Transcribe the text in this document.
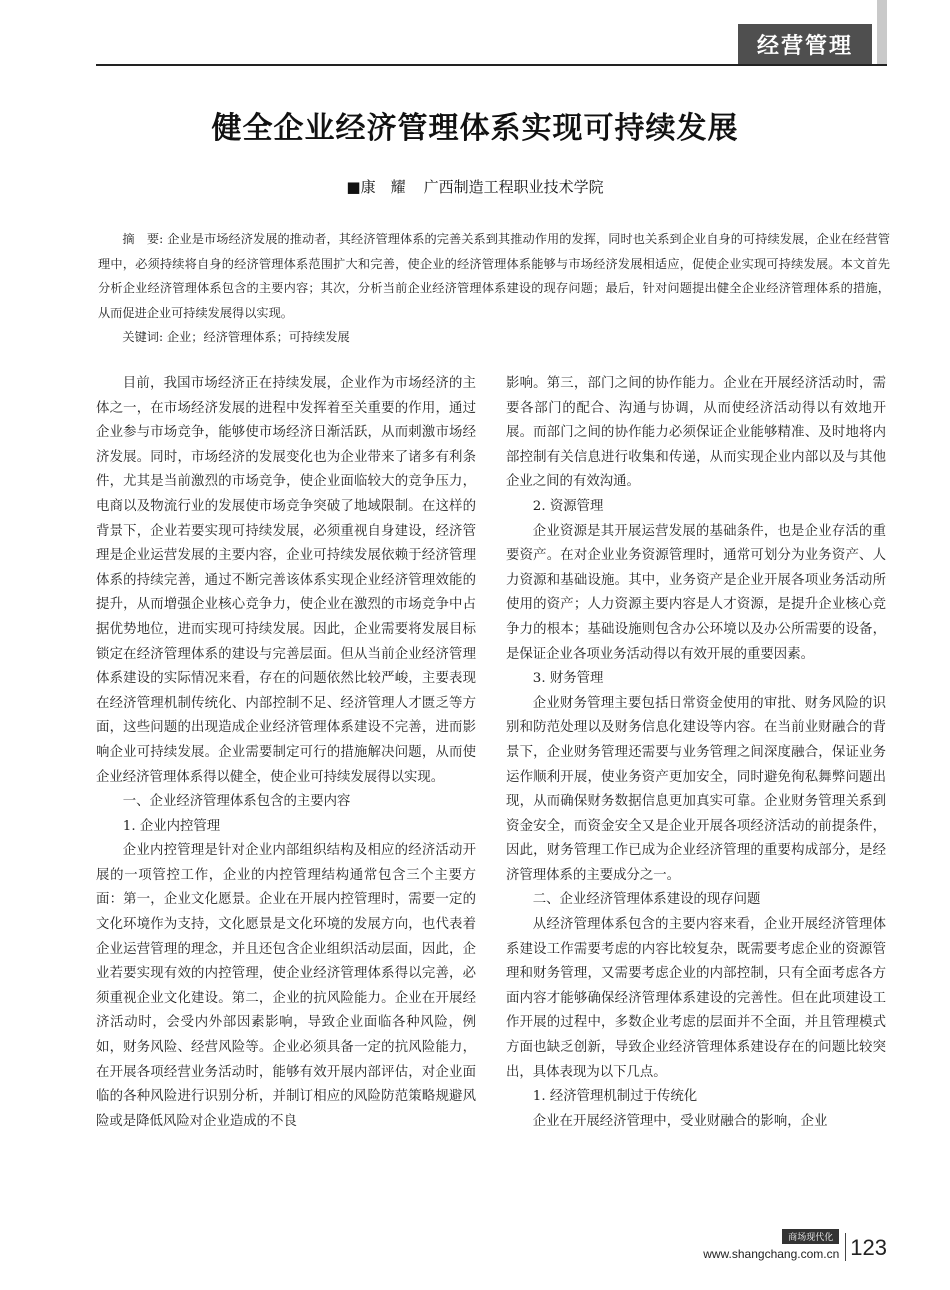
经营管理
健全企业经济管理体系实现可持续发展
■康　耀 广西制造工程职业技术学院

摘　要: 企业是市场经济发展的推动者，其经济管理体系的完善关系到其推动作用的发挥，同时也关系到企业自身的可持续发展，企业在经营管理中，必须持续将自身的经济管理体系范围扩大和完善，使企业的经济管理体系能够与市场经济发展相适应，促使企业实现可持续发展。本文首先分析企业经济管理体系包含的主要内容；其次，分析当前企业经济管理体系建设的现存问题；最后，针对问题提出健全企业经济管理体系的措施，从而促进企业可持续发展得以实现。

关键词: 企业；经济管理体系；可持续发展

目前，我国市场经济正在持续发展，企业作为市场经济的主体之一，在市场经济发展的进程中发挥着至关重要的作用，通过企业参与市场竞争，能够使市场经济日渐活跃，从而刺激市场经济发展。同时，市场经济的发展变化也为企业带来了诸多有利条件，尤其是当前激烈的市场竞争，使企业面临较大的竞争压力，电商以及物流行业的发展使市场竞争突破了地域限制。在这样的背景下，企业若要实现可持续发展，必须重视自身建设，经济管理是企业运营发展的主要内容，企业可持续发展依赖于经济管理体系的持续完善，通过不断完善该体系实现企业经济管理效能的提升，从而增强企业核心竞争力，使企业在激烈的市场竞争中占据优势地位，进而实现可持续发展。因此，企业需要将发展目标锁定在经济管理体系的建设与完善层面。但从当前企业经济管理体系建设的实际情况来看，存在的问题依然比较严峻，主要表现在经济管理机制传统化、内部控制不足、经济管理人才匮乏等方面，这些问题的出现造成企业经济管理体系建设不完善，进而影响企业可持续发展。企业需要制定可行的措施解决问题，从而使企业经济管理体系得以健全，使企业可持续发展得以实现。

一、企业经济管理体系包含的主要内容

1. 企业内控管理

企业内控管理是针对企业内部组织结构及相应的经济活动开展的一项管控工作，企业的内控管理结构通常包含三个主要方面：第一，企业文化愿景。企业在开展内控管理时，需要一定的文化环境作为支持，文化愿景是文化环境的发展方向，也代表着企业运营管理的理念，并且还包含企业组织活动层面，因此，企业若要实现有效的内控管理，使企业经济管理体系得以完善，必须重视企业文化建设。第二，企业的抗风险能力。企业在开展经济活动时，会受内外部因素影响，导致企业面临各种风险，例如，财务风险、经营风险等。企业必须具备一定的抗风险能力，在开展各项经营业务活动时，能够有效开展内部评估，对企业面临的各种风险进行识别分析，并制订相应的风险防范策略规避风险或是降低风险对企业造成的不良

影响。第三，部门之间的协作能力。企业在开展经济活动时，需要各部门的配合、沟通与协调，从而使经济活动得以有效地开展。而部门之间的协作能力必须保证企业能够精准、及时地将内部控制有关信息进行收集和传递，从而实现企业内部以及与其他企业之间的有效沟通。

2. 资源管理

企业资源是其开展运营发展的基础条件，也是企业存活的重要资产。在对企业业务资源管理时，通常可划分为业务资产、人力资源和基础设施。其中，业务资产是企业开展各项业务活动所使用的资产；人力资源主要内容是人才资源，是提升企业核心竞争力的根本；基础设施则包含办公环境以及办公所需要的设备，是保证企业各项业务活动得以有效开展的重要因素。

3. 财务管理

企业财务管理主要包括日常资金使用的审批、财务风险的识别和防范处理以及财务信息化建设等内容。在当前业财融合的背景下，企业财务管理还需要与业务管理之间深度融合，保证业务运作顺利开展，使业务资产更加安全，同时避免徇私舞弊问题出现，从而确保财务数据信息更加真实可靠。企业财务管理关系到资金安全，而资金安全又是企业开展各项经济活动的前提条件，因此，财务管理工作已成为企业经济管理的重要构成部分，是经济管理体系的主要成分之一。

二、企业经济管理体系建设的现存问题

从经济管理体系包含的主要内容来看，企业开展经济管理体系建设工作需要考虑的内容比较复杂，既需要考虑企业的资源管理和财务管理，又需要考虑企业的内部控制，只有全面考虑各方面内容才能够确保经济管理体系建设的完善性。但在此项建设工作开展的过程中，多数企业考虑的层面并不全面，并且管理模式方面也缺乏创新，导致企业经济管理体系建设存在的问题比较突出，具体表现为以下几点。

1. 经济管理机制过于传统化

企业在开展经济管理中，受业财融合的影响，企业

商场现代化
www.shangchang.com.cn 123
